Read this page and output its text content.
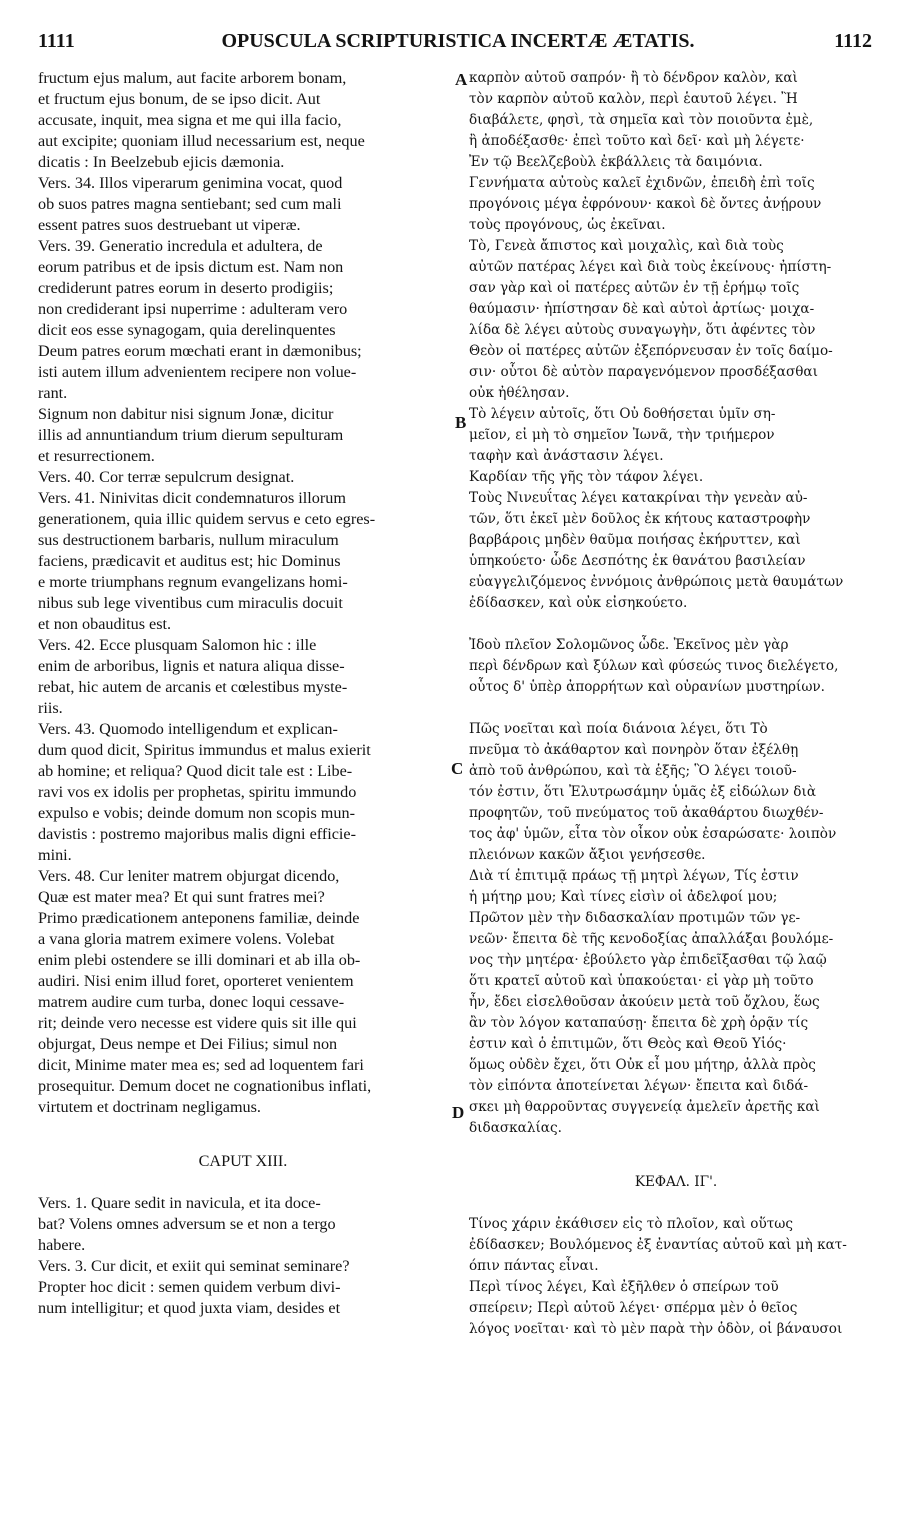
1111	OPUSCULA SCRIPTURISTICA INCERTÆ ÆTATIS.	1112
A
B
C
D
fructum ejus malum, aut facite arborem bonam,
et fructum ejus bonum, de se ipso dicit. Aut
accusate, inquit, mea signa et me qui illa facio,
aut excipite; quoniam illud necessarium est, neque
dicatis : In Beelzebub ejicis dæmonia.
Vers. 34. Illos viperarum genimina vocat, quod
ob suos patres magna sentiebant; sed cum mali
essent patres suos destruebant ut viperæ.
Vers. 39. Generatio incredula et adultera, de
eorum patribus et de ipsis dictum est. Nam non
crediderunt patres eorum in deserto prodigiis;
non crediderant ipsi nuperrime : adulteram vero
dicit eos esse synagogam, quia derelinquentes
Deum patres eorum mœchati erant in dæmonibus;
isti autem illum advenientem recipere non volue-
rant.
Signum non dabitur nisi signum Jonæ, dicitur
illis ad annuntiandum trium dierum sepulturam
et resurrectionem.
Vers. 40. Cor terræ sepulcrum designat.
Vers. 41. Ninivitas dicit condemnaturos illorum
generationem, quia illic quidem servus e ceto egres-
sus destructionem barbaris, nullum miraculum
faciens, prædicavit et auditus est; hic Dominus
e morte triumphans regnum evangelizans homi-
nibus sub lege viventibus cum miraculis docuit
et non obauditus est.
Vers. 42. Ecce plusquam Salomon hic : ille
enim de arboribus, lignis et natura aliqua disse-
rebat, hic autem de arcanis et cœlestibus myste-
riis.
Vers. 43. Quomodo intelligendum et explican-
dum quod dicit, Spiritus immundus et malus exierit
ab homine; et reliqua? Quod dicit tale est : Libe-
ravi vos ex idolis per prophetas, spiritu immundo
expulso e vobis; deinde domum non scopis mun-
davistis : postremo majoribus malis digni efficie-
mini.
Vers. 48. Cur leniter matrem objurgat dicendo,
Quæ est mater mea? Et qui sunt fratres mei?
Primo prædicationem anteponens familiæ, deinde
a vana gloria matrem eximere volens. Volebat
enim plebi ostendere se illi dominari et ab illa ob-
audiri. Nisi enim illud foret, oporteret venientem
matrem audire cum turba, donec loqui cessave-
rit; deinde vero necesse est videre quis sit ille qui
objurgat, Deus nempe et Dei Filius; simul non
dicit, Minime mater mea es; sed ad loquentem fari
prosequitur. Demum docet ne cognationibus inflati,
virtutem et doctrinam negligamus.
CAPUT XIII.
Vers. 1. Quare sedit in navicula, et ita doce-
bat? Volens omnes adversum se et non a tergo
habere.
Vers. 3. Cur dicit, et exiit qui seminat seminare?
Propter hoc dicit : semen quidem verbum divi-
num intelligitur; et quod juxta viam, desides et
καρπὸν αὐτοῦ σαπρόν· ἢ τὸ δένδρον καλὸν, καὶ
τὸν καρπὸν αὐτοῦ καλὸν, περὶ ἑαυτοῦ λέγει. Ἢ
διαβάλετε, φησὶ, τὰ σημεῖα καὶ τὸν ποιοῦντα ἐμὲ,
ἢ ἀποδέξασθε· ἐπεὶ τοῦτο καὶ δεῖ· καὶ μὴ λέγετε·
Ἐν τῷ Βεελζεβοὺλ ἐκβάλλεις τὰ δαιμόνια.
Γεννήματα αὐτοὺς καλεῖ ἐχιδνῶν, ἐπειδὴ ἐπὶ τοῖς
προγόνοις μέγα ἐφρόνουν· κακοὶ δὲ ὄντες ἀνῄρουν
τοὺς προγόνους, ὡς ἐκεῖναι.
Τὸ, Γενεὰ ἄπιστος καὶ μοιχαλὶς, καὶ διὰ τοὺς
αὐτῶν πατέρας λέγει καὶ διὰ τοὺς ἐκείνους· ἠπίστη-
σαν γὰρ καὶ οἱ πατέρες αὐτῶν ἐν τῇ ἐρήμῳ τοῖς
θαύμασιν· ἠπίστησαν δὲ καὶ αὐτοὶ ἀρτίως· μοιχα-
λίδα δὲ λέγει αὐτοὺς συναγωγὴν, ὅτι ἀφέντες τὸν
Θεὸν οἱ πατέρες αὐτῶν ἐξεπόρνευσαν ἐν τοῖς δαίμο-
σιν· οὗτοι δὲ αὐτὸν παραγενόμενον προσδέξασθαι
οὐκ ἠθέλησαν.
Τὸ λέγειν αὐτοῖς, ὅτι Οὐ δοθήσεται ὑμῖν ση-
μεῖον, εἰ μὴ τὸ σημεῖον Ἰωνᾶ, τὴν τριήμερον
ταφὴν καὶ ἀνάστασιν λέγει.
Καρδίαν τῆς γῆς τὸν τάφον λέγει.
Τοὺς Νινευΐτας λέγει κατακρίναι τὴν γενεὰν αὐ-
τῶν, ὅτι ἐκεῖ μὲν δοῦλος ἐκ κήτους καταστροφὴν
βαρβάροις μηδὲν θαῦμα ποιήσας ἐκήρυττεν, καὶ
ὑπηκούετο· ὧδε Δεσπότης ἐκ θανάτου βασιλείαν
εὐαγγελιζόμενος ἐννόμοις ἀνθρώποις μετὰ θαυμάτων
ἐδίδασκεν, καὶ οὐκ εἰσηκούετο.
Ἰδοὺ πλεῖον Σολομῶνος ὧδε. Ἐκεῖνος μὲν γὰρ
περὶ δένδρων καὶ ξύλων καὶ φύσεώς τινος διελέγετο,
οὗτος δ' ὑπὲρ ἀπορρήτων καὶ οὐρανίων μυστηρίων.
Πῶς νοεῖται καὶ ποία διάνοια λέγει, ὅτι Τὸ
πνεῦμα τὸ ἀκάθαρτον καὶ πονηρὸν ὅταν ἐξέλθῃ
ἀπὸ τοῦ ἀνθρώπου, καὶ τὰ ἑξῆς; Ὃ λέγει τοιοῦ-
τόν ἐστιν, ὅτι Ἐλυτρωσάμην ὑμᾶς ἐξ εἰδώλων διὰ
προφητῶν, τοῦ πνεύματος τοῦ ἀκαθάρτου διωχθέν-
τος ἀφ' ὑμῶν, εἶτα τὸν οἶκον οὐκ ἐσαρώσατε· λοιπὸν
πλειόνων κακῶν ἄξιοι γενήσεσθε.
Διὰ τί ἐπιτιμᾷ πράως τῇ μητρὶ λέγων, Τίς ἐστιν
ἡ μήτηρ μου; Καὶ τίνες εἰσὶν οἱ ἀδελφοί μου;
Πρῶτον μὲν τὴν διδασκαλίαν προτιμῶν τῶν γε-
νεῶν· ἔπειτα δὲ τῆς κενοδοξίας ἀπαλλάξαι βουλόμε-
νος τὴν μητέρα· ἐβούλετο γὰρ ἐπιδεῖξασθαι τῷ λαῷ
ὅτι κρατεῖ αὐτοῦ καὶ ὑπακούεται· εἰ γὰρ μὴ τοῦτο
ἦν, ἔδει εἰσελθοῦσαν ἀκούειν μετὰ τοῦ ὄχλου, ἕως
ἂν τὸν λόγον καταπαύσῃ· ἔπειτα δὲ χρὴ ὁρᾷν τίς
ἐστιν καὶ ὁ ἐπιτιμῶν, ὅτι Θεὸς καὶ Θεοῦ Υἱός·
ὅμως οὐδὲν ἔχει, ὅτι Οὐκ εἶ μου μήτηρ, ἀλλὰ πρὸς
τὸν εἰπόντα ἀποτείνεται λέγων· ἔπειτα καὶ διδά-
σκει μὴ θαρροῦντας συγγενείᾳ ἀμελεῖν ἀρετῆς καὶ
διδασκαλίας.
ΚΕΦΑΛ. ΙΓ'.
Τίνος χάριν ἐκάθισεν εἰς τὸ πλοῖον, καὶ οὕτως
ἐδίδασκεν; Βουλόμενος ἐξ ἐναντίας αὐτοῦ καὶ μὴ κατ-
όπιν πάντας εἶναι.
Περὶ τίνος λέγει, Καὶ ἐξῆλθεν ὁ σπείρων τοῦ
σπείρειν; Περὶ αὐτοῦ λέγει· σπέρμα μὲν ὁ θεῖος
λόγος νοεῖται· καὶ τὸ μὲν παρὰ τὴν ὁδὸν, οἱ βάναυσοι
